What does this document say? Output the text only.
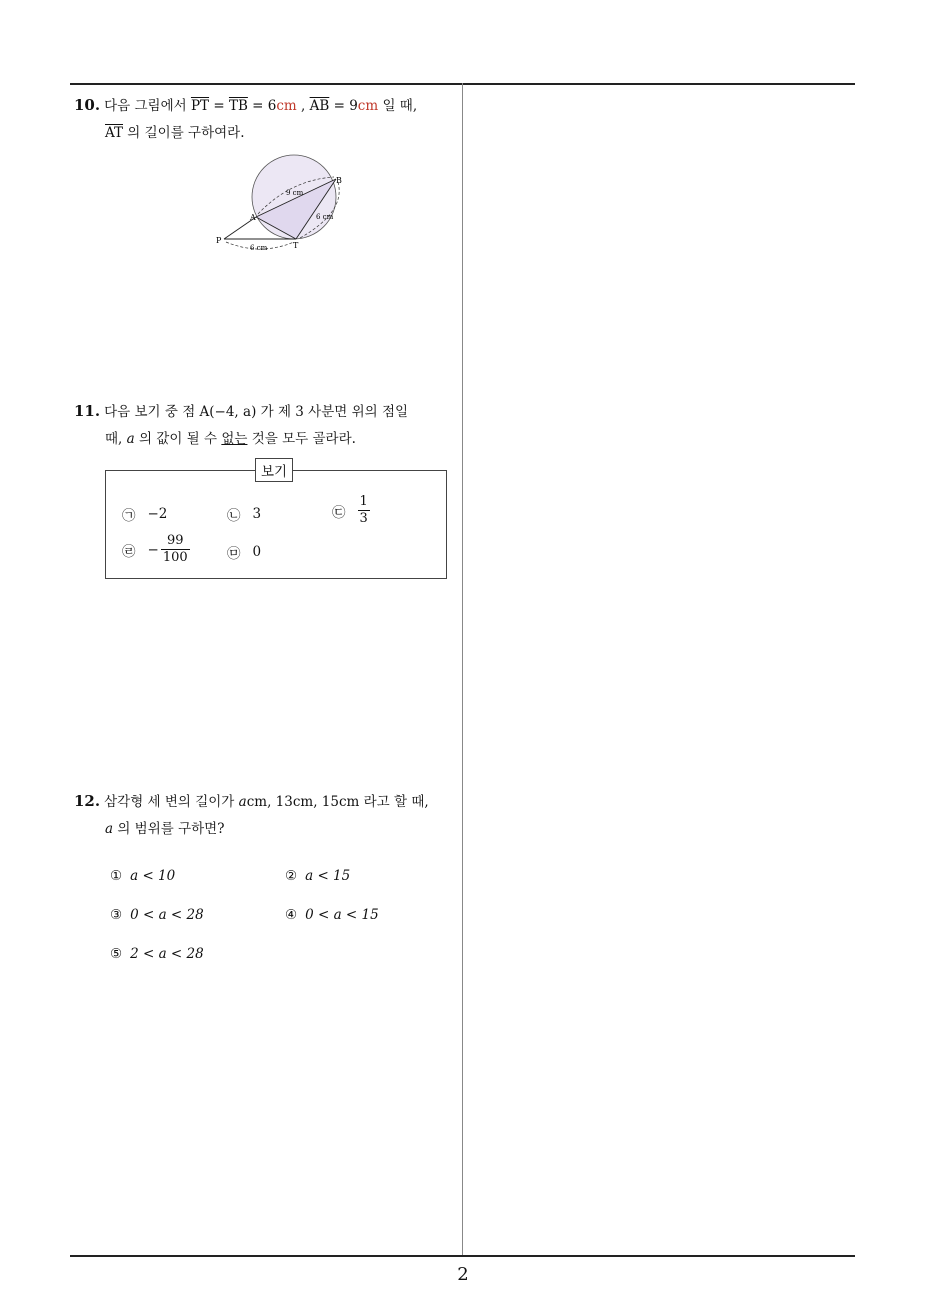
10. 다음 그림에서 $\overline{PT} = \overline{TB} = 6cm$ , $\overline{AB} = 9cm$ 일 때,
$\overline{AT}$ 의 길이를 구하여라.
P
A
B
T
9 cm
6 cm
6 cm
11. 다음 보기 중 점 A(−4, a) 가 제 3 사분면 위의 점일
때, a 의 값이 될 수 없는 것을 모두 골라라.
보기
㉠ −2	㉡ 3	㉢ $\frac{1}{3}$
㉣ − $\frac{99}{100}$	㉤ 0
12. 삼각형 세 변의 길이가 acm, 13cm, 15cm 라고 할 때,
a 의 범위를 구하면?
① a < 10	② a < 15
③ 0 < a < 28	④ 0 < a < 15
⑤ 2 < a < 28
2
